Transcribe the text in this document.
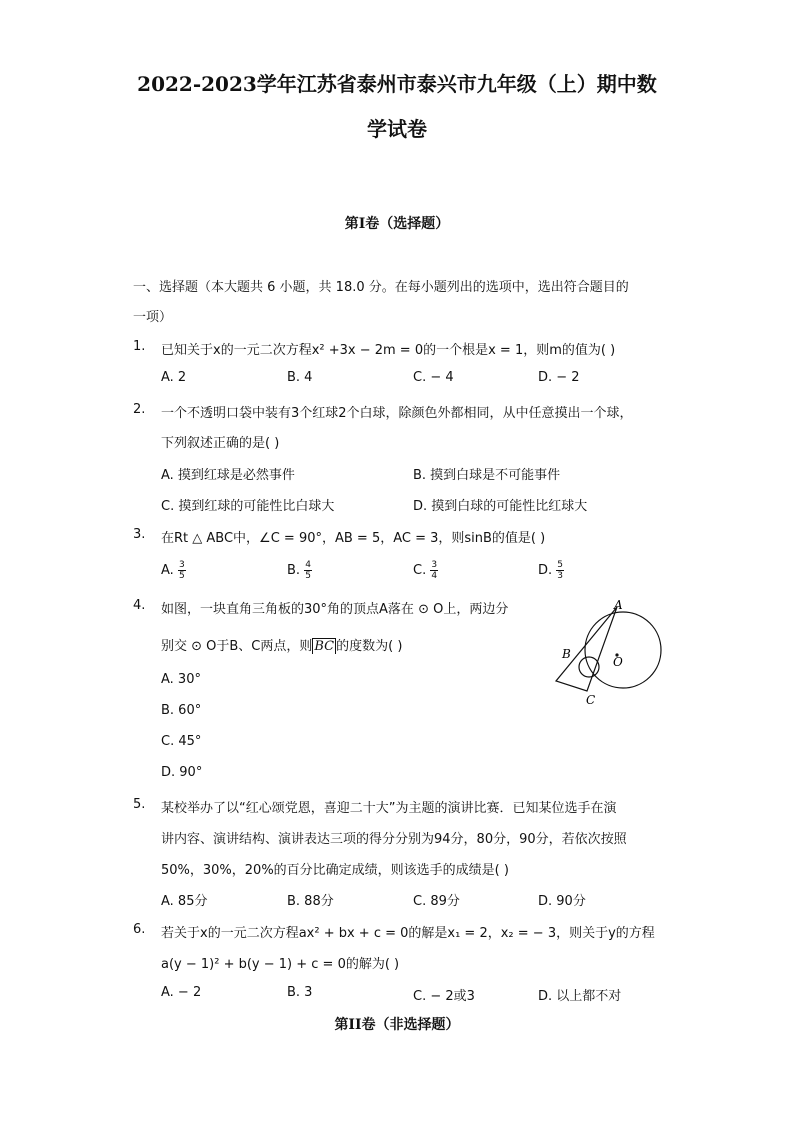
2022-2023学年江苏省泰州市泰兴市九年级（上）期中数
学试卷
第I卷（选择题）
一、选择题（本大题共 6 小题，共 18.0 分。在每小题列出的选项中，选出符合题目的
一项）
1. 已知关于x的一元二次方程x² +3x − 2m = 0的一个根是x = 1，则m的值为( )
A. 2	B. 4	C. − 4	D. − 2
2. 一个不透明口袋中装有3个红球2个白球，除颜色外都相同，从中任意摸出一个球，
下列叙述正确的是( )
A. 摸到红球是必然事件	B. 摸到白球是不可能事件
C. 摸到红球的可能性比白球大	D. 摸到白球的可能性比红球大
3. 在Rt △ ABC中，∠C = 90°，AB = 5，AC = 3，则sinB的值是( )
A. $\frac{3}{5}$	B. $\frac{4}{5}$	C. $\frac{3}{4}$	D. $\frac{5}{3}$
4. 如图，一块直角三角板的30°角的顶点A落在 ⊙ O上，两边分
别交 ⊙ O于B、C两点，则 BC 的度数为( )
A. 30°
B. 60°
C. 45°
D. 90°
A
B
C
O
5. 某校举办了以“红心颂党恩，喜迎二十大”为主题的演讲比赛．已知某位选手在演
讲内容、演讲结构、演讲表达三项的得分分别为94分，80分，90分，若依次按照
50%，30%，20%的百分比确定成绩，则该选手的成绩是( )
A. 85分	B. 88分	C. 89分	D. 90分
6. 若关于x的一元二次方程ax² + bx + c = 0的解是x₁ = 2，x₂ = − 3，则关于y的方程
a(y − 1)² + b(y − 1) + c = 0的解为( )
A. − 2	B. 3	C. − 2或3	D. 以上都不对
第II卷（非选择题）
